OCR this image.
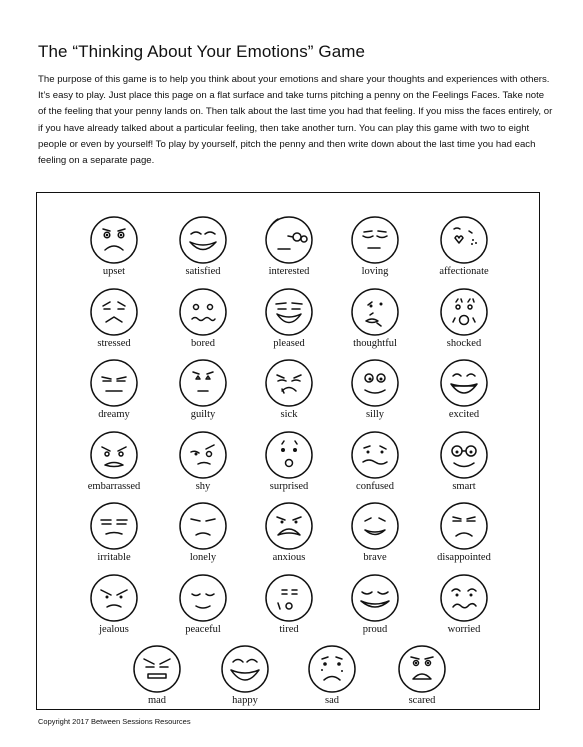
The “Thinking About Your Emotions” Game

The purpose of this game is to help you think about your emotions and share your thoughts and experiences with others. It’s easy to play. Just place this page on a flat surface and take turns pitching a penny on the Feelings Faces. Take note of the feeling that your penny lands on. Then talk about the last time you had that feeling. If you miss the faces entirely, or if you have already talked about a particular feeling, then take another turn. You can play this game with two to eight people or even by yourself! To play by yourself, pitch the penny and then write down about the last time you had each feeling on a separate page.

upset	satisfied	interested	loving	affectionate
stressed	bored	pleased	thoughtful	shocked
dreamy	guilty	sick	silly	excited
embarrassed	shy	surprised	confused	smart
irritable	lonely	anxious	brave	disappointed
jealous	peaceful	tired	proud	worried
mad	happy	sad	scared

Copyright 2017 Between Sessions Resources
